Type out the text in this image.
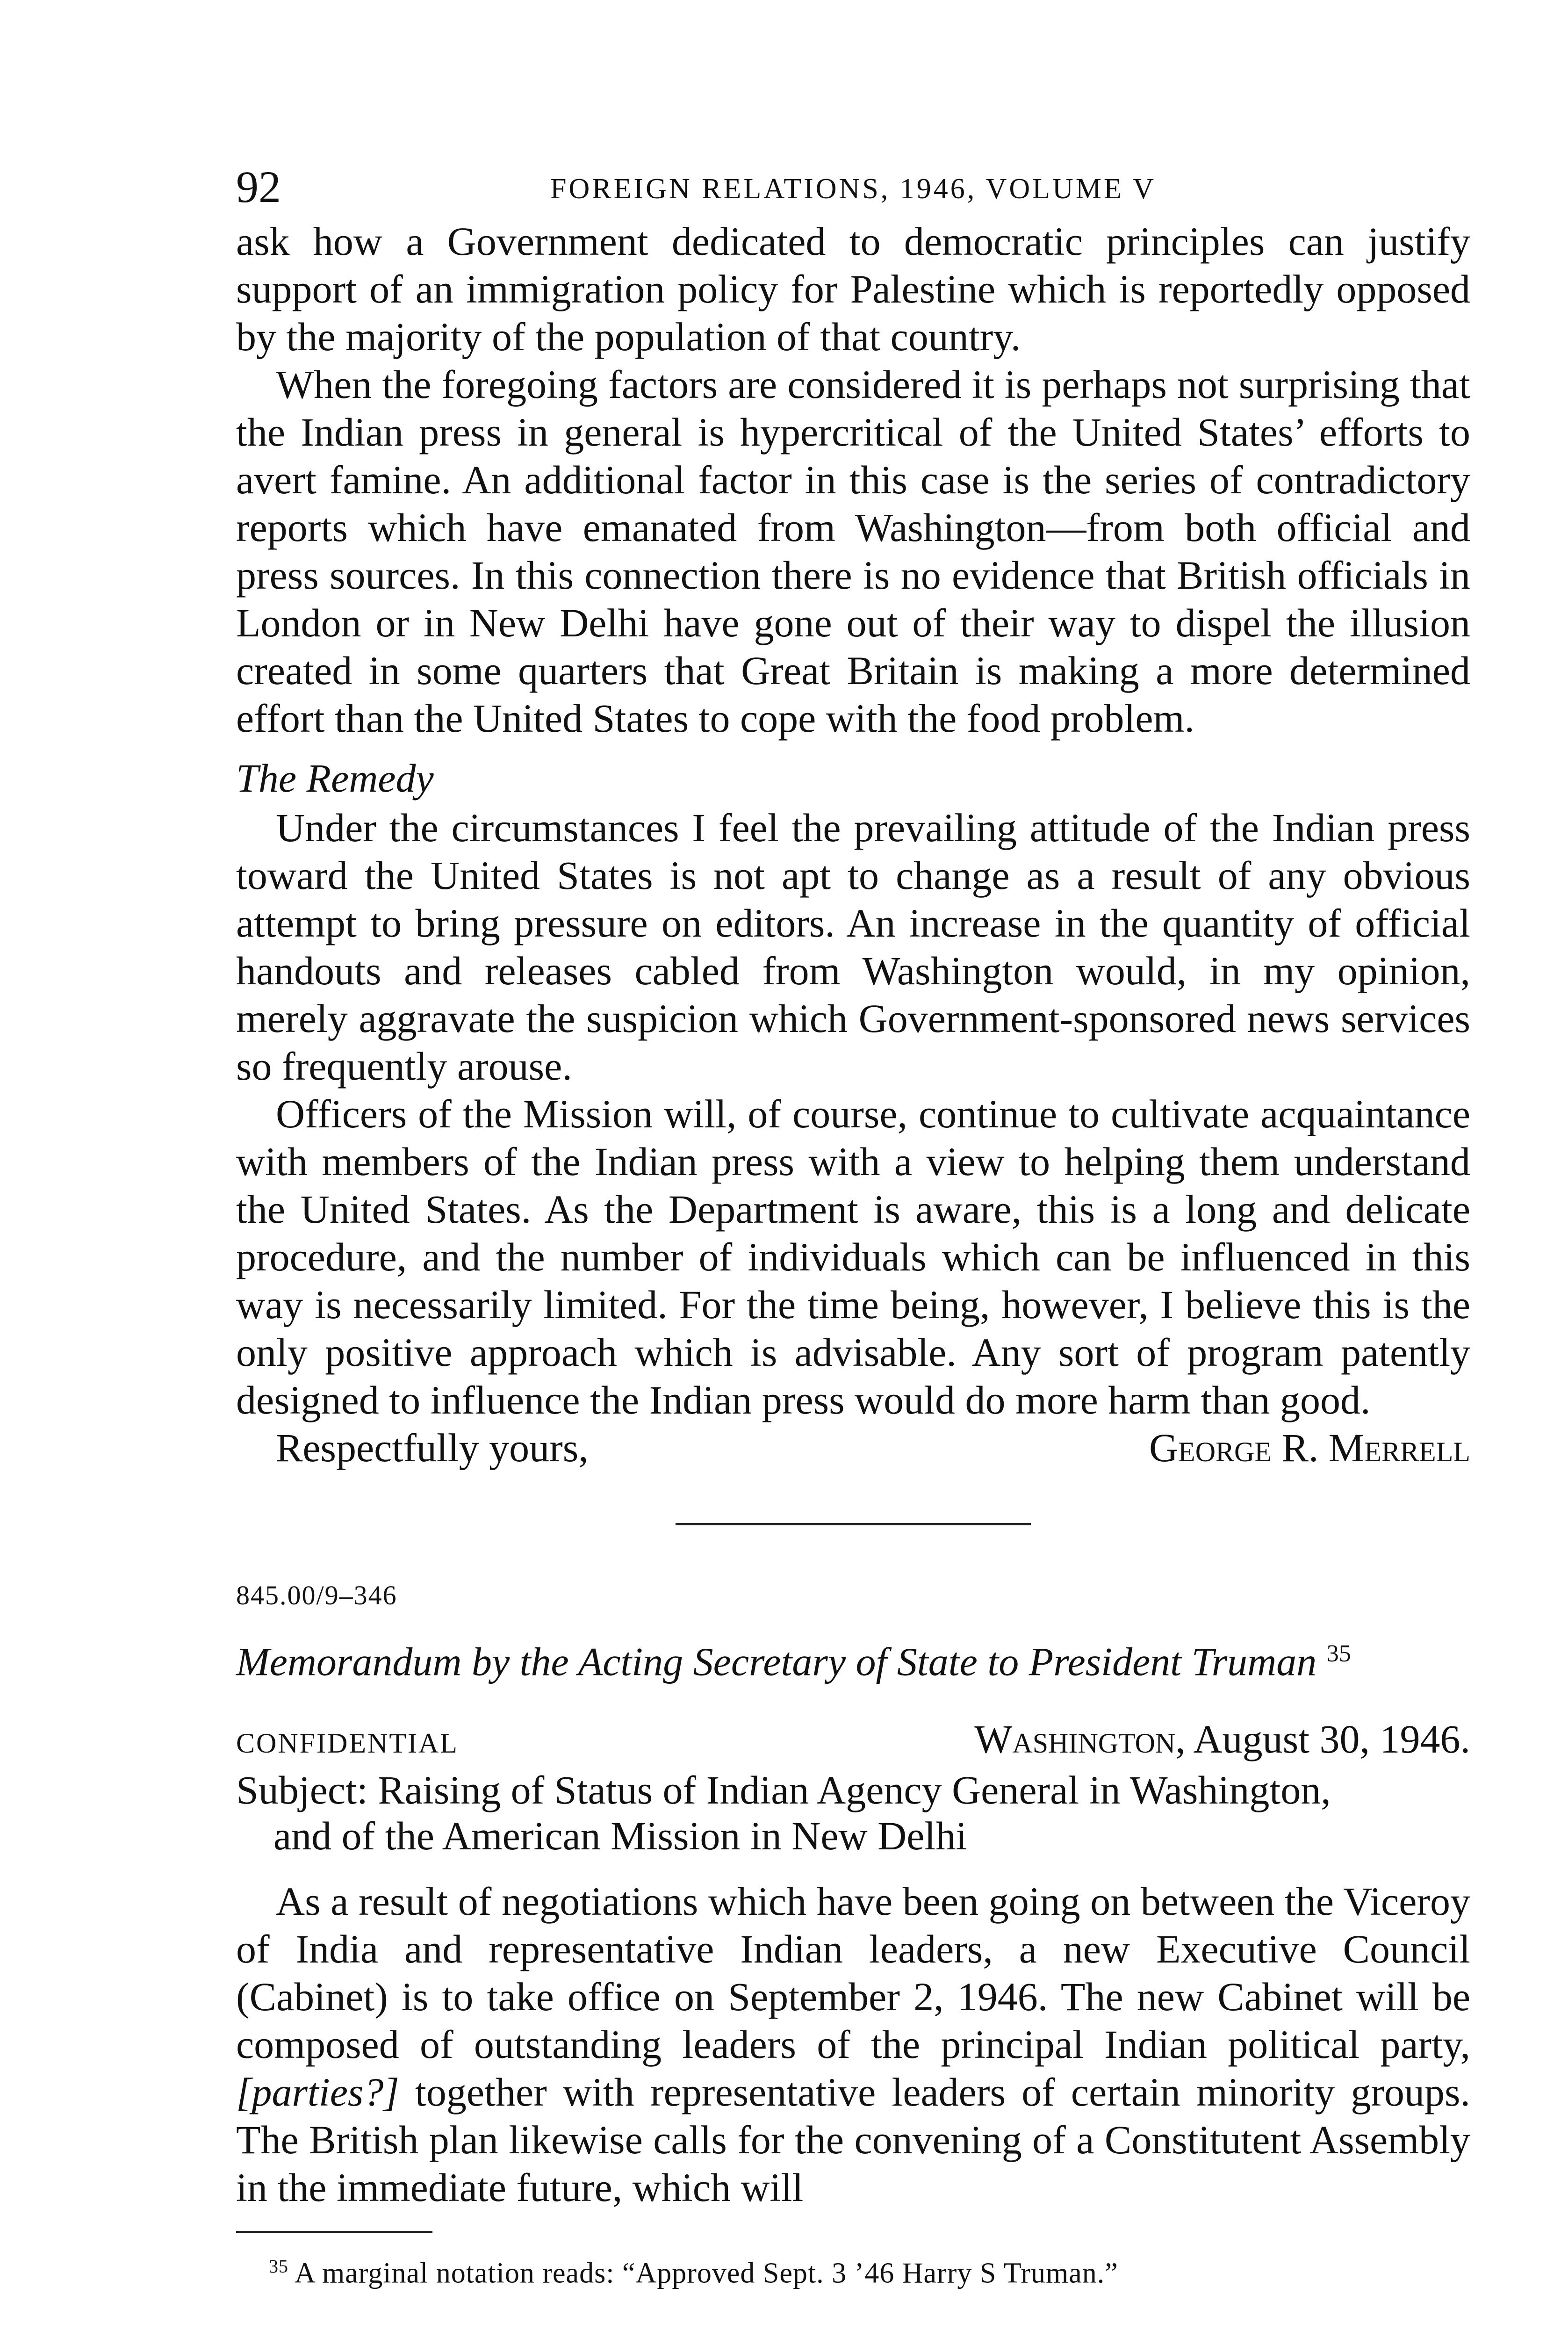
92	FOREIGN RELATIONS, 1946, VOLUME V

ask how a Government dedicated to democratic principles can justify support of an immigration policy for Palestine which is reportedly opposed by the majority of the population of that country.

When the foregoing factors are considered it is perhaps not surprising that the Indian press in general is hypercritical of the United States’ efforts to avert famine. An additional factor in this case is the series of contradictory reports which have emanated from Washington—from both official and press sources. In this connection there is no evidence that British officials in London or in New Delhi have gone out of their way to dispel the illusion created in some quarters that Great Britain is making a more determined effort than the United States to cope with the food problem.

The Remedy

Under the circumstances I feel the prevailing attitude of the Indian press toward the United States is not apt to change as a result of any obvious attempt to bring pressure on editors. An increase in the quantity of official handouts and releases cabled from Washington would, in my opinion, merely aggravate the suspicion which Government-sponsored news services so frequently arouse.

Officers of the Mission will, of course, continue to cultivate acquaintance with members of the Indian press with a view to helping them understand the United States. As the Department is aware, this is a long and delicate procedure, and the number of individuals which can be influenced in this way is necessarily limited. For the time being, however, I believe this is the only positive approach which is advisable. Any sort of program patently designed to influence the Indian press would do more harm than good.

Respectfully yours,	George R. Merrell
845.00/9–346
Memorandum by the Acting Secretary of State to President Truman $^{35}$
CONFIDENTIAL	Washington, August 30, 1946.
Subject: Raising of Status of Indian Agency General in Washington,
and of the American Mission in New Delhi

As a result of negotiations which have been going on between the Viceroy of India and representative Indian leaders, a new Executive Council (Cabinet) is to take office on September 2, 1946. The new Cabinet will be composed of outstanding leaders of the principal Indian political party, [parties?] together with representative leaders of certain minority groups. The British plan likewise calls for the convening of a Constitutent Assembly in the immediate future, which will

$^{35}$ A marginal notation reads: “Approved Sept. 3 ’46 Harry S Truman.”
